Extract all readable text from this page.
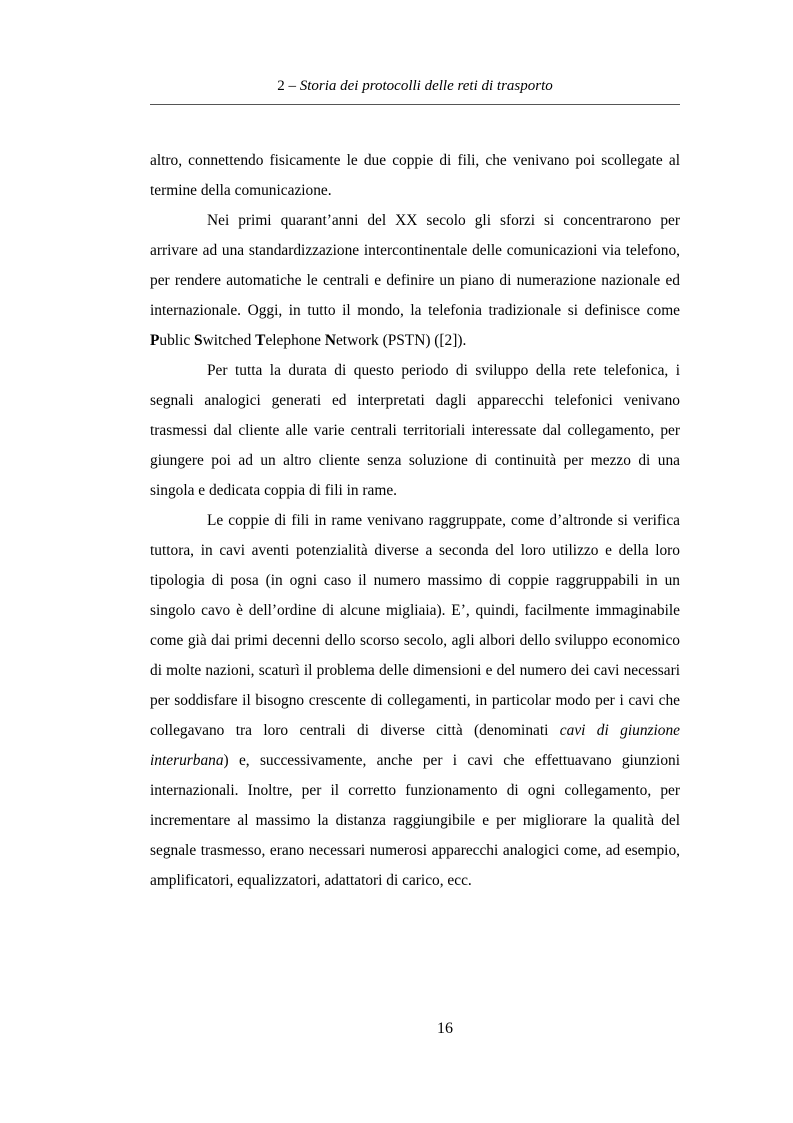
2 – Storia dei protocolli delle reti di trasporto

altro, connettendo fisicamente le due coppie di fili, che venivano poi scollegate al termine della comunicazione.

Nei primi quarant’anni del XX secolo gli sforzi si concentrarono per arrivare ad una standardizzazione intercontinentale delle comunicazioni via telefono, per rendere automatiche le centrali e definire un piano di numerazione nazionale ed internazionale. Oggi, in tutto il mondo, la telefonia tradizionale si definisce come Public Switched Telephone Network (PSTN) ([2]).

Per tutta la durata di questo periodo di sviluppo della rete telefonica, i segnali analogici generati ed interpretati dagli apparecchi telefonici venivano trasmessi dal cliente alle varie centrali territoriali interessate dal collegamento, per giungere poi ad un altro cliente senza soluzione di continuità per mezzo di una singola e dedicata coppia di fili in rame.

Le coppie di fili in rame venivano raggruppate, come d’altronde si verifica tuttora, in cavi aventi potenzialità diverse a seconda del loro utilizzo e della loro tipologia di posa (in ogni caso il numero massimo di coppie raggruppabili in un singolo cavo è dell’ordine di alcune migliaia). E’, quindi, facilmente immaginabile come già dai primi decenni dello scorso secolo, agli albori dello sviluppo economico di molte nazioni, scaturì il problema delle dimensioni e del numero dei cavi necessari per soddisfare il bisogno crescente di collegamenti, in particolar modo per i cavi che collegavano tra loro centrali di diverse città (denominati cavi di giunzione interurbana) e, successivamente, anche per i cavi che effettuavano giunzioni internazionali. Inoltre, per il corretto funzionamento di ogni collegamento, per incrementare al massimo la distanza raggiungibile e per migliorare la qualità del segnale trasmesso, erano necessari numerosi apparecchi analogici come, ad esempio, amplificatori, equalizzatori, adattatori di carico, ecc.

16
